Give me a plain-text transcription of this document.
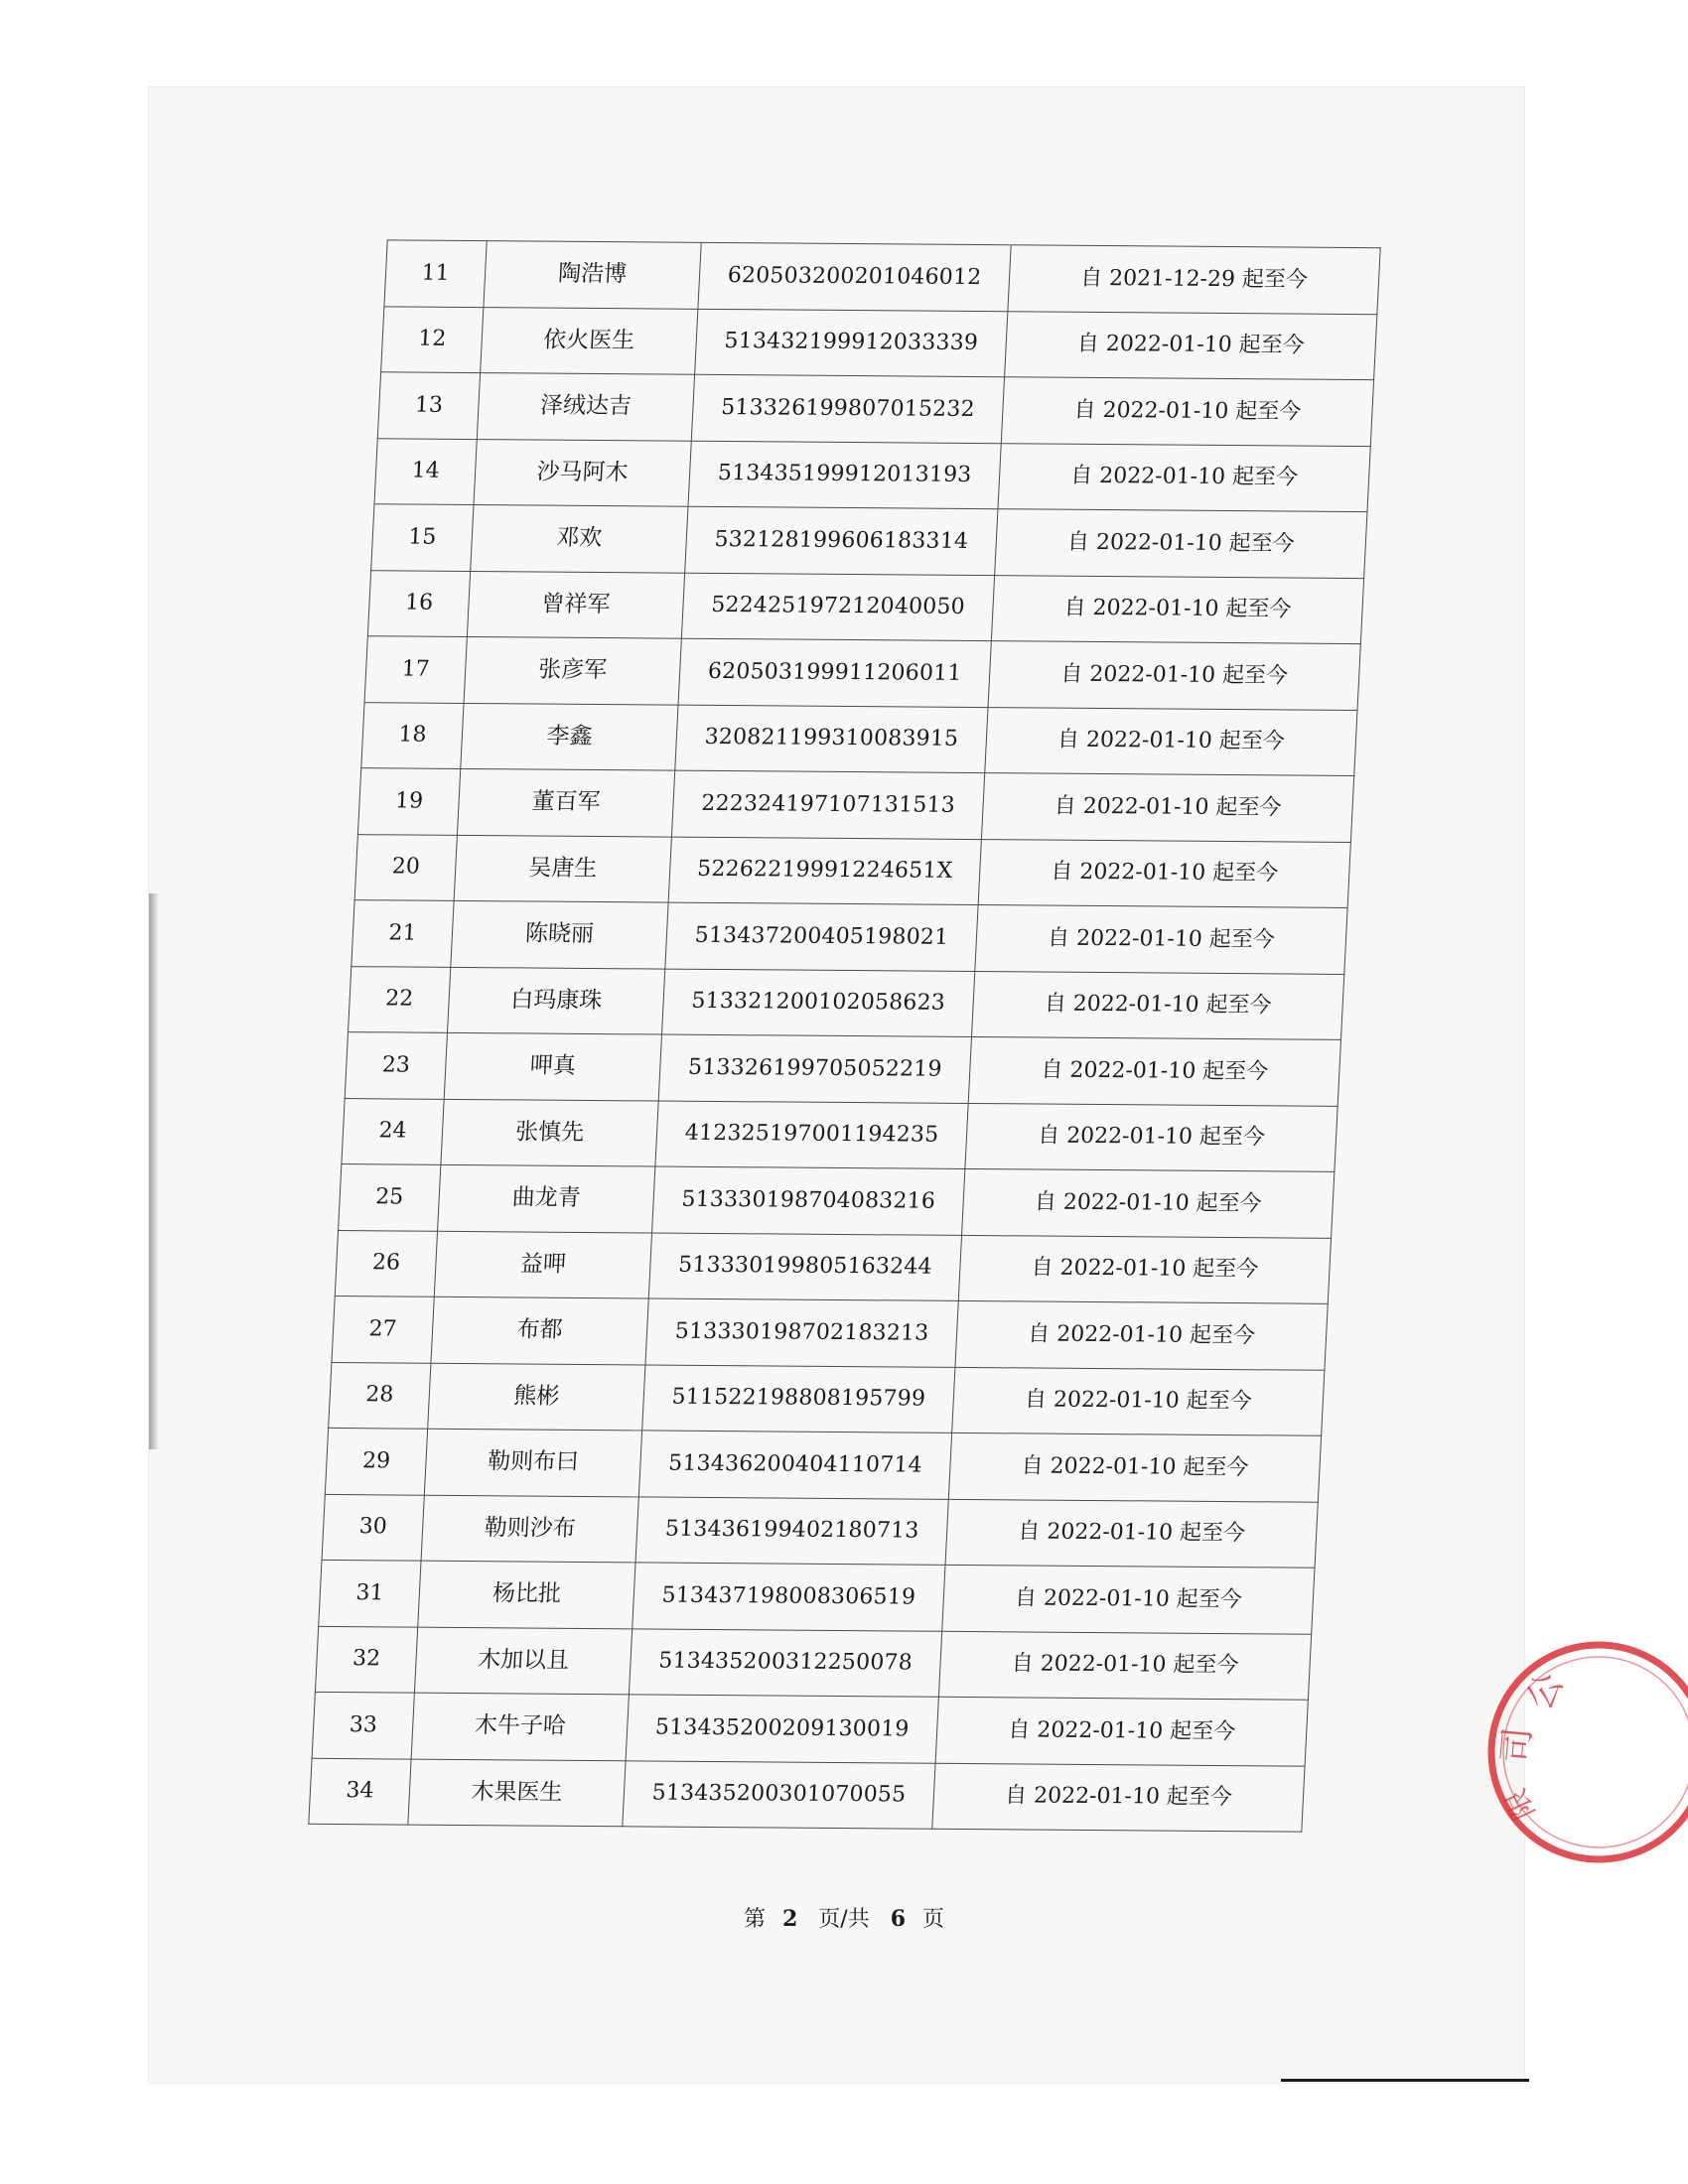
11	陶浩博	620503200201046012	自 2021-12-29 起至今
12	依火医生	513432199912033339	自 2022-01-10 起至今
13	泽绒达吉	513326199807015232	自 2022-01-10 起至今
14	沙马阿木	513435199912013193	自 2022-01-10 起至今
15	邓欢	532128199606183314	自 2022-01-10 起至今
16	曾祥军	522425197212040050	自 2022-01-10 起至今
17	张彦军	620503199911206011	自 2022-01-10 起至今
18	李鑫	320821199310083915	自 2022-01-10 起至今
19	董百军	222324197107131513	自 2022-01-10 起至今
20	吴唐生	52262219991224651X	自 2022-01-10 起至今
21	陈晓丽	513437200405198021	自 2022-01-10 起至今
22	白玛康珠	513321200102058623	自 2022-01-10 起至今
23	呷真	513326199705052219	自 2022-01-10 起至今
24	张慎先	412325197001194235	自 2022-01-10 起至今
25	曲龙青	513330198704083216	自 2022-01-10 起至今
26	益呷	513330199805163244	自 2022-01-10 起至今
27	布都	513330198702183213	自 2022-01-10 起至今
28	熊彬	511522198808195799	自 2022-01-10 起至今
29	勒则布曰	513436200404110714	自 2022-01-10 起至今
30	勒则沙布	513436199402180713	自 2022-01-10 起至今
31	杨比批	513437198008306519	自 2022-01-10 起至今
32	木加以且	513435200312250078	自 2022-01-10 起至今
33	木牛子哈	513435200209130019	自 2022-01-10 起至今
34	木果医生	513435200301070055	自 2022-01-10 起至今
第 2 页/共 6 页
公
司
限
